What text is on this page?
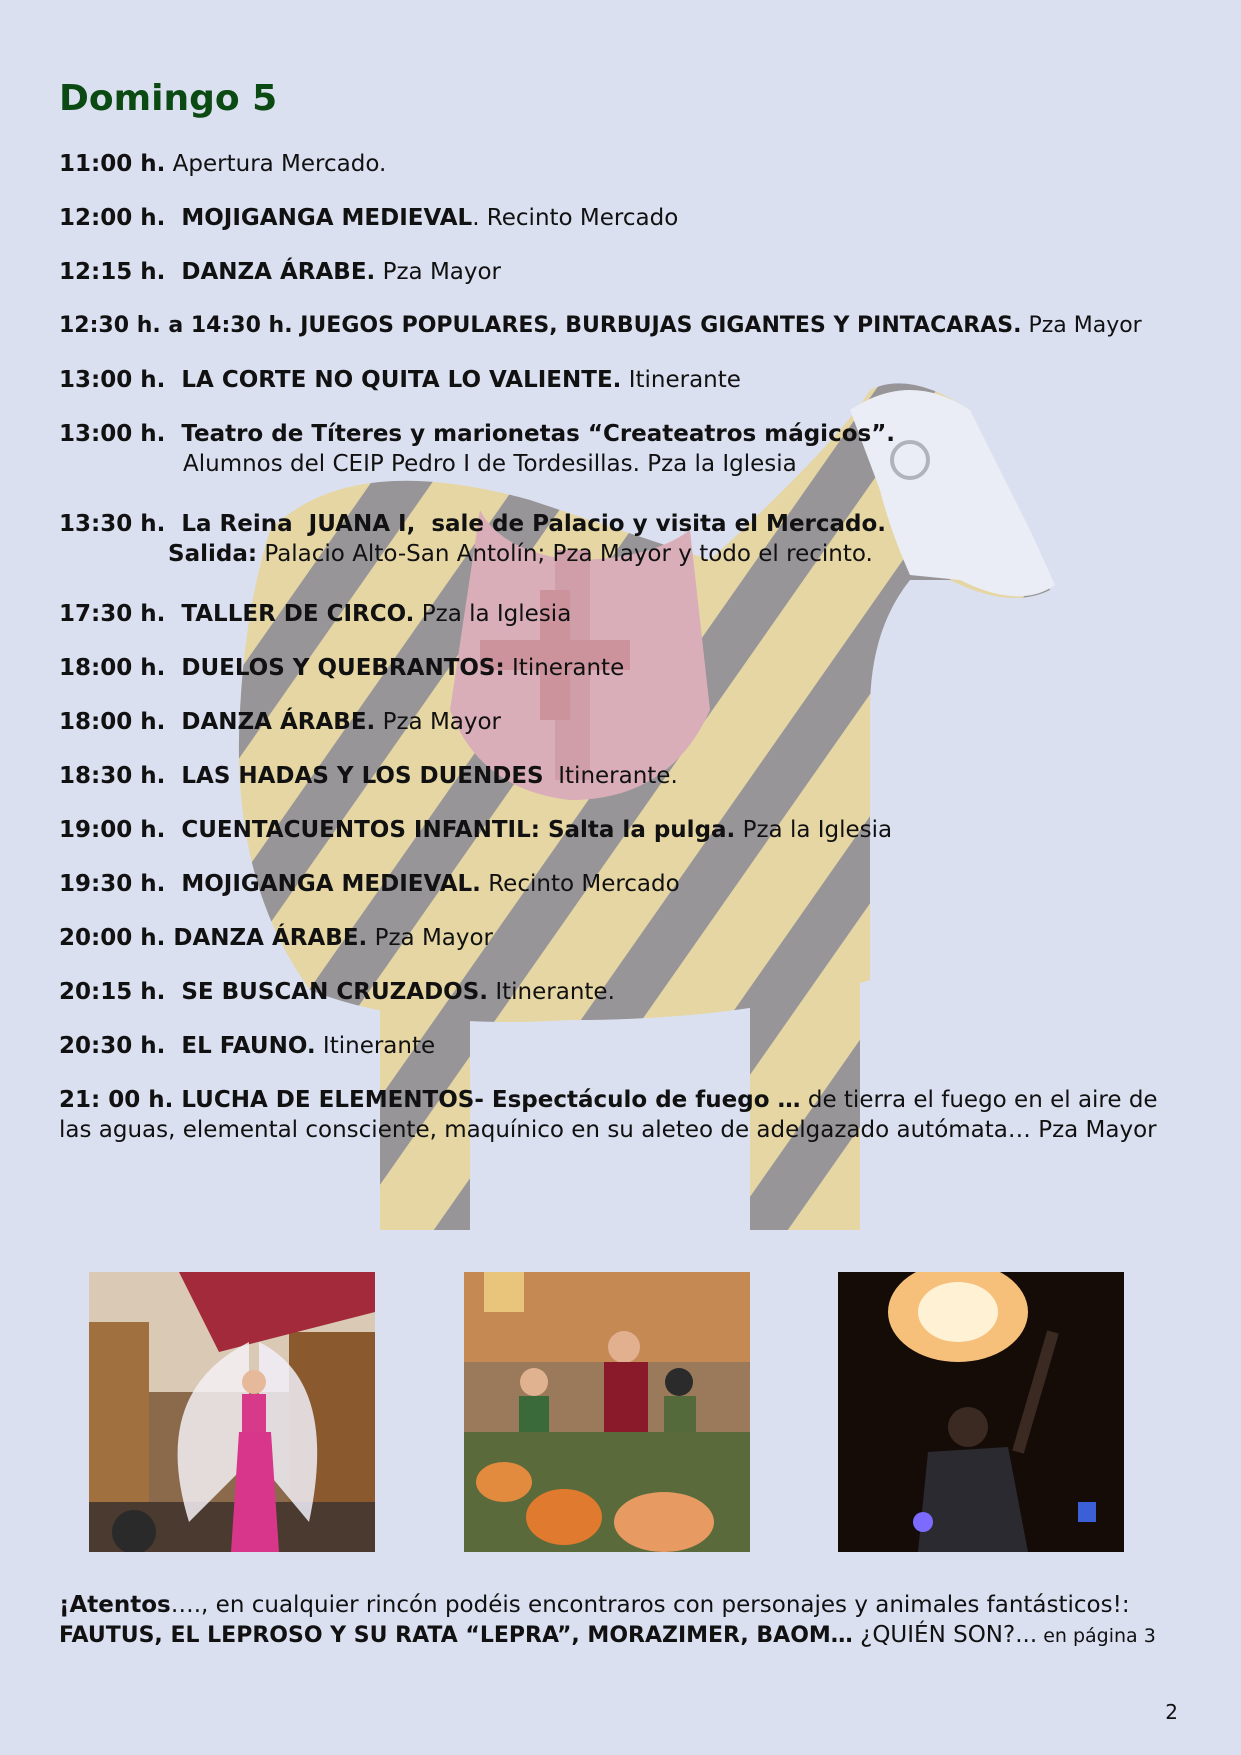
Domingo 5
11:00 h. Apertura Mercado.
12:00 h.  MOJIGANGA MEDIEVAL. Recinto Mercado
12:15 h.  DANZA ÁRABE. Pza Mayor
12:30 h. a 14:30 h. JUEGOS POPULARES, BURBUJAS GIGANTES Y PINTACARAS. Pza Mayor
13:00 h.  LA CORTE NO QUITA LO VALIENTE. Itinerante
13:00 h.  Teatro de Títeres y marionetas “Createatros mágicos”.
Alumnos del CEIP Pedro I de Tordesillas. Pza la Iglesia
13:30 h.  La Reina  JUANA I,  sale de Palacio y visita el Mercado.
Salida: Palacio Alto-San Antolín; Pza Mayor y todo el recinto.
17:30 h.  TALLER DE CIRCO. Pza la Iglesia
18:00 h.  DUELOS Y QUEBRANTOS: Itinerante
18:00 h.  DANZA ÁRABE. Pza Mayor
18:30 h.  LAS HADAS Y LOS DUENDES  Itinerante.
19:00 h.  CUENTACUENTOS INFANTIL: Salta la pulga. Pza la Iglesia
19:30 h.  MOJIGANGA MEDIEVAL. Recinto Mercado
20:00 h. DANZA ÁRABE. Pza Mayor
20:15 h.  SE BUSCAN CRUZADOS. Itinerante.
20:30 h.  EL FAUNO. Itinerante
21: 00 h. LUCHA DE ELEMENTOS- Espectáculo de fuego … de tierra el fuego en el aire de las aguas, elemental consciente, maquínico en su aleteo de adelgazado autómata… Pza Mayor
¡Atentos…., en cualquier rincón podéis encontraros con personajes y animales fantásticos!:
FAUTUS, EL LEPROSO Y SU RATA “LEPRA”, MORAZIMER, BAOM… ¿QUIÉN SON?... en página 3
2
